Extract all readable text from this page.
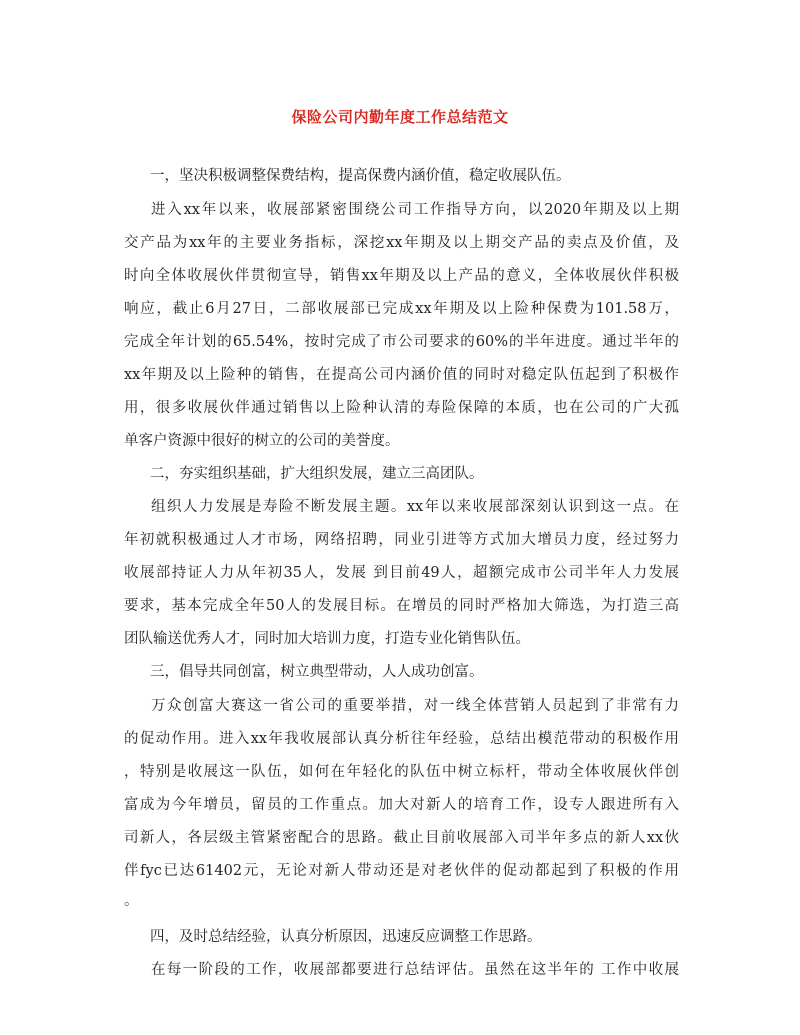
保险公司内勤年度工作总结范文
一，坚决积极调整保费结构，提高保费内涵价值，稳定收展队伍。
进入xx年以来，收展部紧密围绕公司工作指导方向，以2020年期及以上期
交产品为xx年的主要业务指标，深挖xx年期及以上期交产品的卖点及价值，及
时向全体收展伙伴贯彻宣导，销售xx年期及以上产品的意义，全体收展伙伴积极
响应，截止6月27日，二部收展部已完成xx年期及以上险种保费为101.58万，
完成全年计划的65.54%，按时完成了市公司要求的60%的半年进度。通过半年的
xx年期及以上险种的销售，在提高公司内涵价值的同时对稳定队伍起到了积极作
用，很多收展伙伴通过销售以上险种认清的寿险保障的本质，也在公司的广大孤
单客户资源中很好的树立的公司的美誉度。
二，夯实组织基础，扩大组织发展，建立三高团队。
组织人力发展是寿险不断发展主题。xx年以来收展部深刻认识到这一点。在
年初就积极通过人才市场，网络招聘，同业引进等方式加大增员力度，经过努力
收展部持证人力从年初35人，发展 到目前49人，超额完成市公司半年人力发展
要求，基本完成全年50人的发展目标。在增员的同时严格加大筛选，为打造三高
团队输送优秀人才，同时加大培训力度，打造专业化销售队伍。
三，倡导共同创富，树立典型带动，人人成功创富。
万众创富大赛这一省公司的重要举措，对一线全体营销人员起到了非常有力
的促动作用。进入xx年我收展部认真分析往年经验，总结出模范带动的积极作用
，特别是收展这一队伍，如何在年轻化的队伍中树立标杆，带动全体收展伙伴创
富成为今年增员，留员的工作重点。加大对新人的培育工作，设专人跟进所有入
司新人，各层级主管紧密配合的思路。截止目前收展部入司半年多点的新人xx伙
伴fyc已达61402元，无论对新人带动还是对老伙伴的促动都起到了积极的作用
。
四，及时总结经验，认真分析原因，迅速反应调整工作思路。
在每一阶段的工作，收展部都要进行总结评估。虽然在这半年的 工作中收展
